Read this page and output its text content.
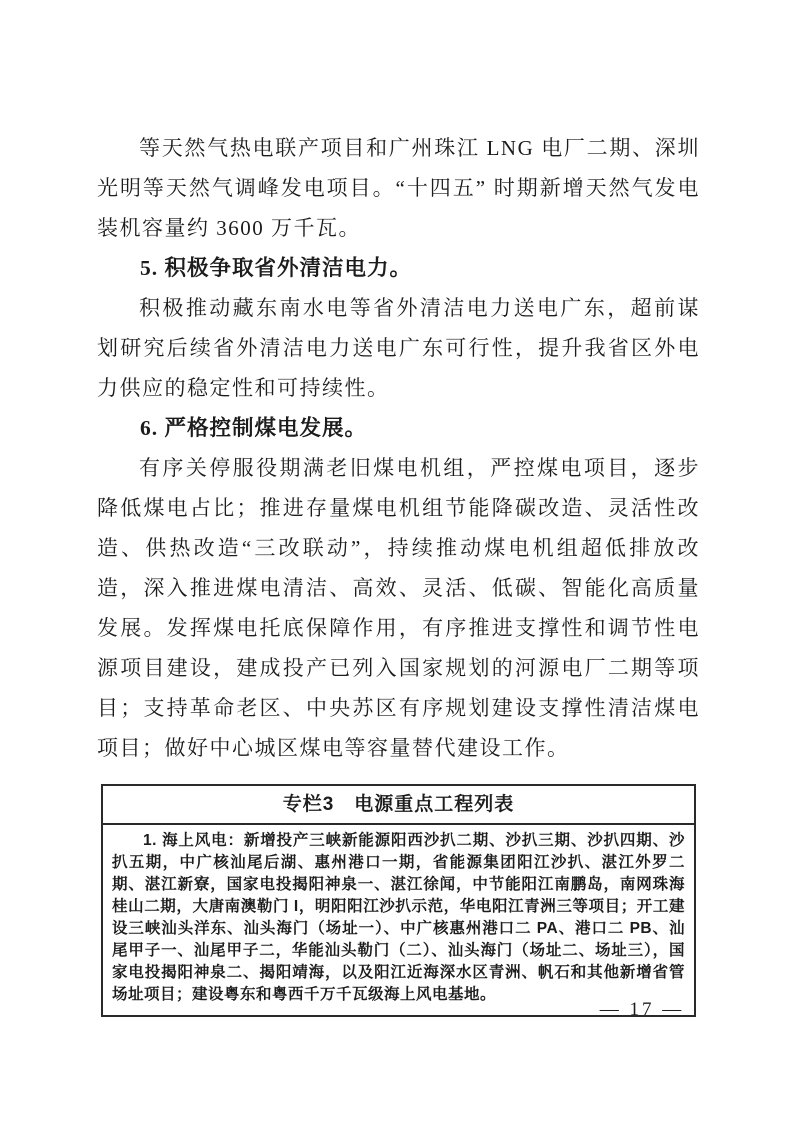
等天然气热电联产项目和广州珠江 LNG 电厂二期、深圳光明等天然气调峰发电项目。“十四五” 时期新增天然气发电装机容量约 3600 万千瓦。

5. 积极争取省外清洁电力。

积极推动藏东南水电等省外清洁电力送电广东，超前谋划研究后续省外清洁电力送电广东可行性，提升我省区外电力供应的稳定性和可持续性。

6. 严格控制煤电发展。

有序关停服役期满老旧煤电机组，严控煤电项目，逐步降低煤电占比；推进存量煤电机组节能降碳改造、灵活性改造、供热改造“三改联动”，持续推动煤电机组超低排放改造，深入推进煤电清洁、高效、灵活、低碳、智能化高质量发展。发挥煤电托底保障作用，有序推进支撑性和调节性电源项目建设，建成投产已列入国家规划的河源电厂二期等项目；支持革命老区、中央苏区有序规划建设支撑性清洁煤电项目；做好中心城区煤电等容量替代建设工作。

专栏3　电源重点工程列表
1. 海上风电：新增投产三峡新能源阳西沙扒二期、沙扒三期、沙扒四期、沙扒五期，中广核汕尾后湖、惠州港口一期，省能源集团阳江沙扒、湛江外罗二期、湛江新寮，国家电投揭阳神泉一、湛江徐闻，中节能阳江南鹏岛，南网珠海桂山二期，大唐南澳勒门 I，明阳阳江沙扒示范，华电阳江青洲三等项目；开工建设三峡汕头洋东、汕头海门（场址一）、中广核惠州港口二 PA、港口二 PB、汕尾甲子一、汕尾甲子二，华能汕头勒门（二）、汕头海门（场址二、场址三），国家电投揭阳神泉二、揭阳靖海，以及阳江近海深水区青洲、帆石和其他新增省管场址项目；建设粤东和粤西千万千瓦级海上风电基地。
— 17 —
